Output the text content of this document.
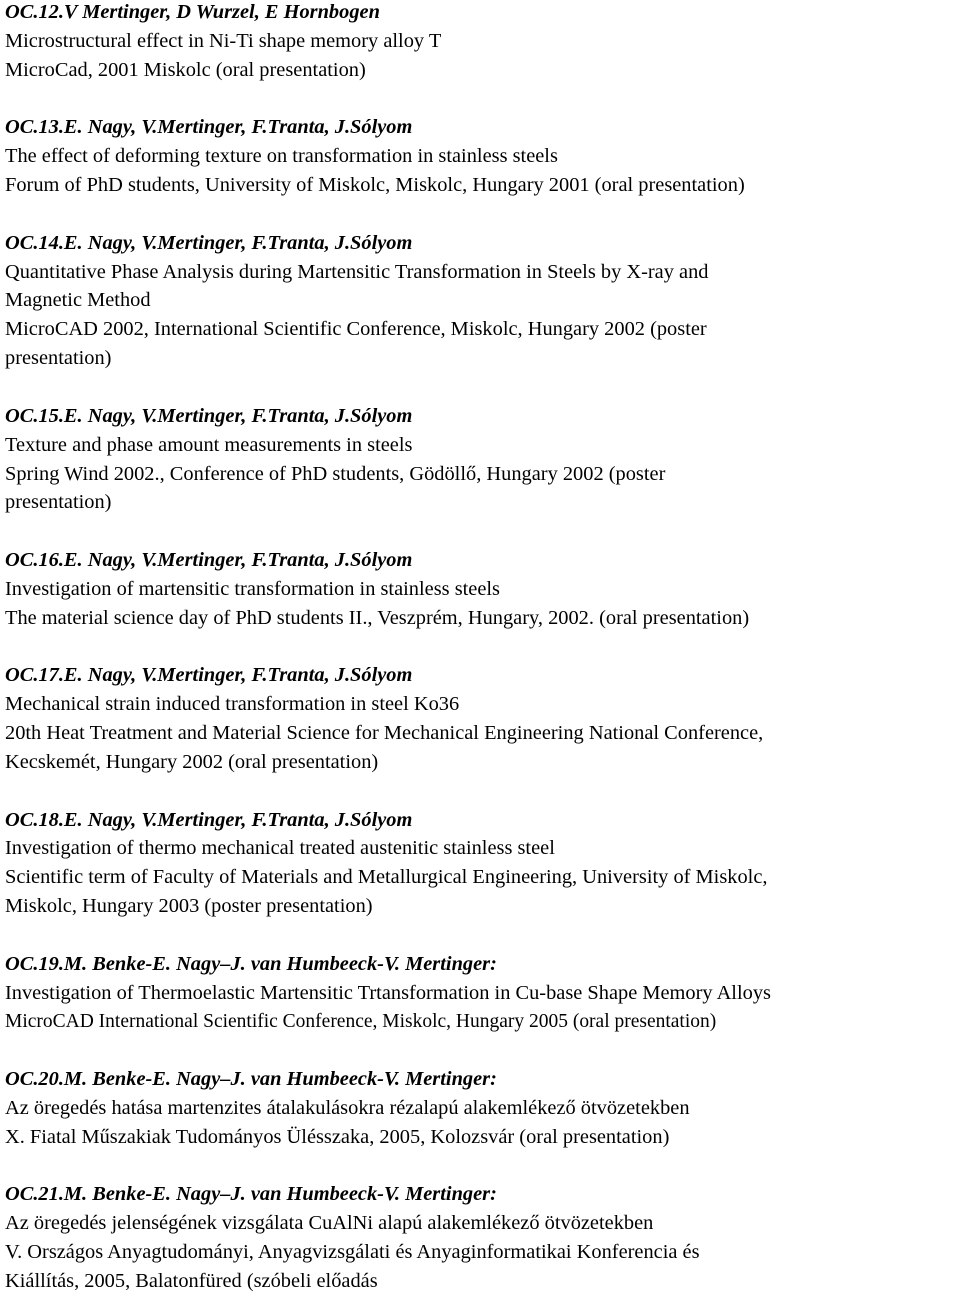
OC.12.V Mertinger, D Wurzel, E Hornbogen
Microstructural effect in Ni-Ti shape memory alloy T
MicroCad, 2001 Miskolc (oral presentation)
OC.13.E. Nagy, V.Mertinger, F.Tranta, J.Sólyom
The effect of deforming texture on transformation in stainless steels
Forum of PhD students, University of Miskolc, Miskolc, Hungary 2001 (oral presentation)
OC.14.E. Nagy, V.Mertinger, F.Tranta, J.Sólyom
Quantitative Phase Analysis during Martensitic Transformation in Steels by X-ray and
Magnetic Method
MicroCAD 2002, International Scientific Conference, Miskolc, Hungary 2002 (poster
presentation)
OC.15.E. Nagy, V.Mertinger, F.Tranta, J.Sólyom
Texture and phase amount measurements in steels
Spring Wind 2002., Conference of PhD students, Gödöllő, Hungary 2002 (poster
presentation)
OC.16.E. Nagy, V.Mertinger, F.Tranta, J.Sólyom
Investigation of martensitic transformation in stainless steels
The material science day of PhD students II., Veszprém, Hungary, 2002. (oral presentation)
OC.17.E. Nagy, V.Mertinger, F.Tranta, J.Sólyom
Mechanical strain induced transformation in steel Ko36
20th Heat Treatment and Material Science for Mechanical Engineering National Conference,
Kecskemét, Hungary 2002 (oral presentation)
OC.18.E. Nagy, V.Mertinger, F.Tranta, J.Sólyom
Investigation of thermo mechanical treated austenitic stainless steel
Scientific term of Faculty of Materials and Metallurgical Engineering, University of Miskolc,
Miskolc, Hungary 2003 (poster presentation)
OC.19.M. Benke-E. Nagy–J. van Humbeeck-V. Mertinger:
Investigation of Thermoelastic Martensitic Trtansformation in Cu-base Shape Memory Alloys
MicroCAD International Scientific Conference, Miskolc, Hungary 2005 (oral presentation)
OC.20.M. Benke-E. Nagy–J. van Humbeeck-V. Mertinger:
Az öregedés hatása martenzites átalakulásokra rézalapú alakemlékező ötvözetekben
X. Fiatal Műszakiak Tudományos Ülésszaka, 2005, Kolozsvár (oral presentation)
OC.21.M. Benke-E. Nagy–J. van Humbeeck-V. Mertinger:
Az öregedés jelenségének vizsgálata CuAlNi alapú alakemlékező ötvözetekben
V. Országos Anyagtudományi, Anyagvizsgálati és Anyaginformatikai Konferencia és
Kiállítás, 2005, Balatonfüred (szóbeli előadás
